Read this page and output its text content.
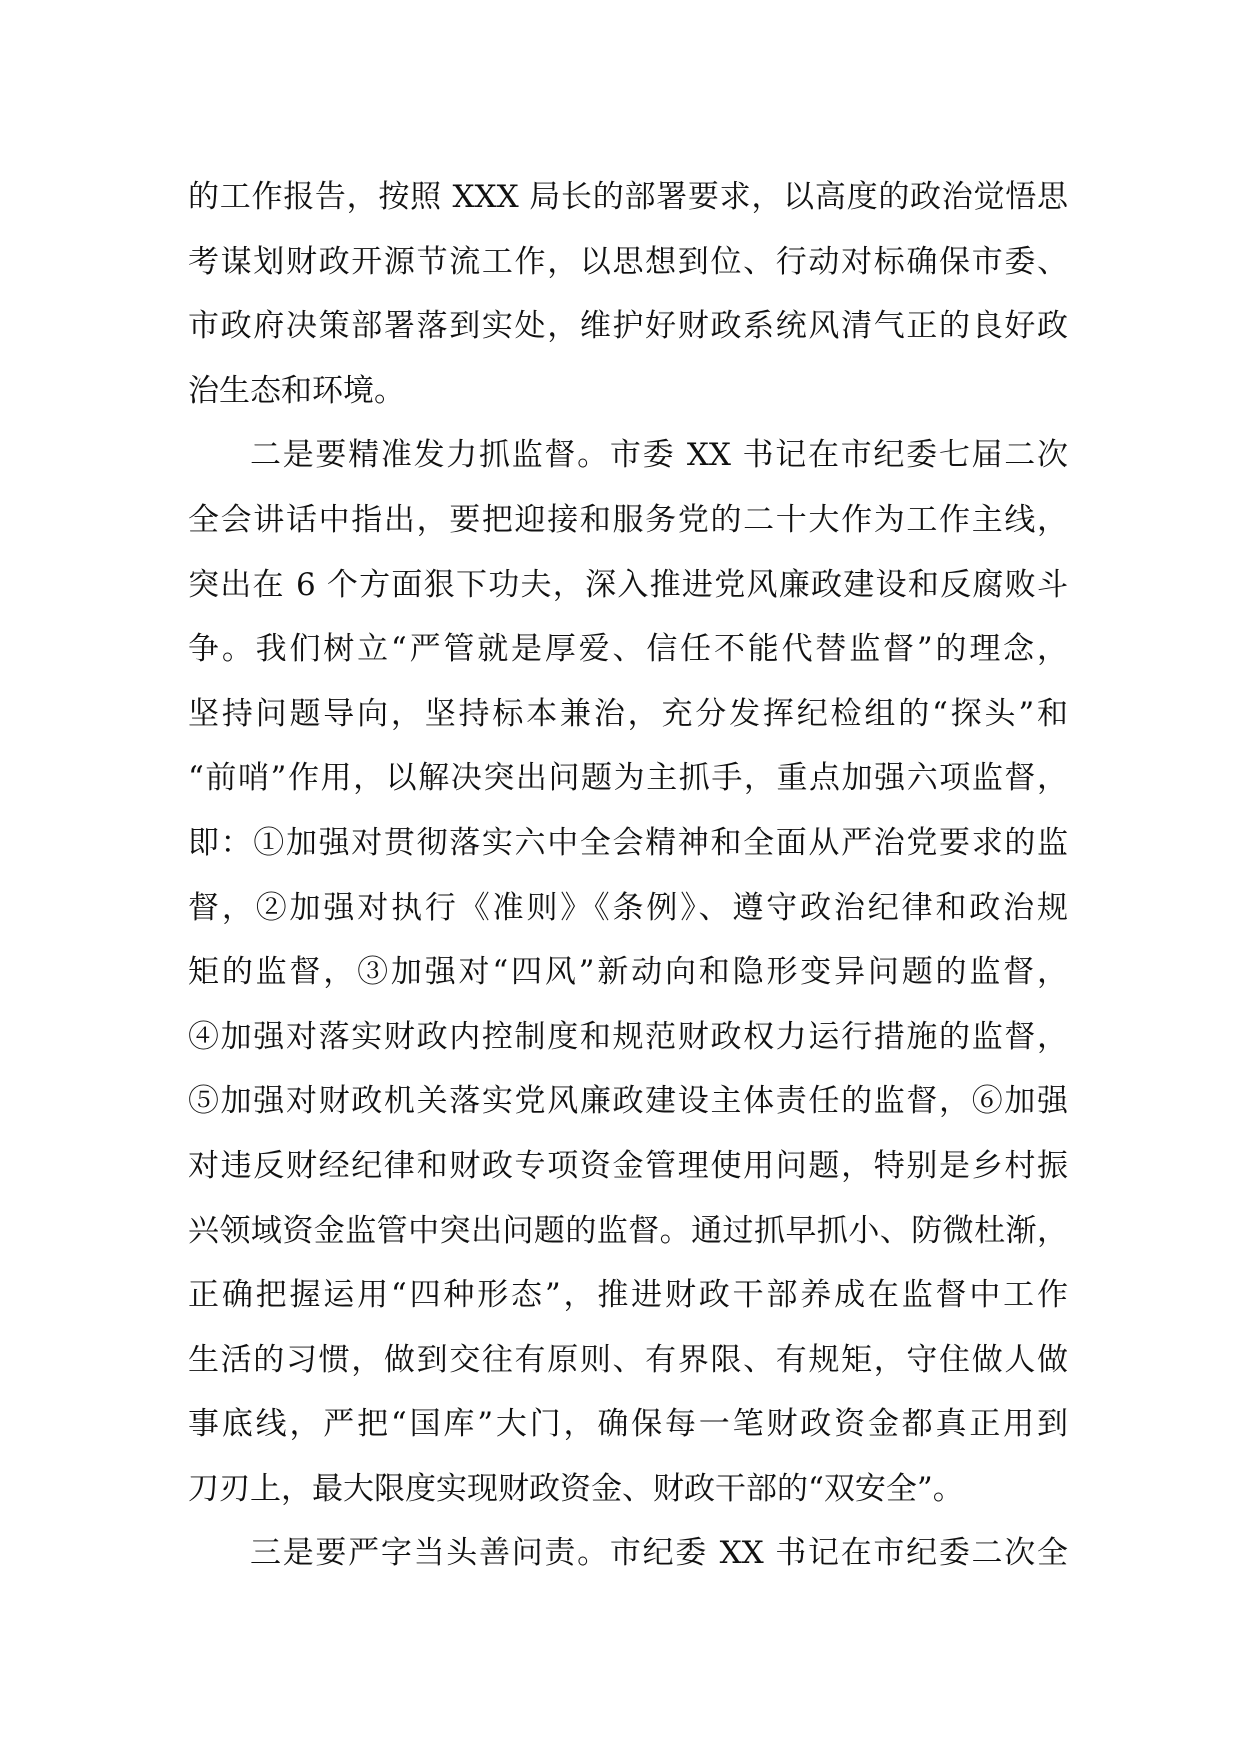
的工作报告，按照 XXX 局长的部署要求，以高度的政治觉悟思
考谋划财政开源节流工作，以思想到位、行动对标确保市委、
市政府决策部署落到实处，维护好财政系统风清气正的良好政
治生态和环境。
二是要精准发力抓监督。市委 XX 书记在市纪委七届二次
全会讲话中指出，要把迎接和服务党的二十大作为工作主线，
突出在 6 个方面狠下功夫，深入推进党风廉政建设和反腐败斗
争。我们树立“严管就是厚爱、信任不能代替监督”的理念，
坚持问题导向，坚持标本兼治，充分发挥纪检组的“探头”和
“前哨”作用，以解决突出问题为主抓手，重点加强六项监督，
即：①加强对贯彻落实六中全会精神和全面从严治党要求的监
督，②加强对执行《准则》《条例》、遵守政治纪律和政治规
矩的监督，③加强对“四风”新动向和隐形变异问题的监督，
④加强对落实财政内控制度和规范财政权力运行措施的监督，
⑤加强对财政机关落实党风廉政建设主体责任的监督，⑥加强
对违反财经纪律和财政专项资金管理使用问题，特别是乡村振
兴领域资金监管中突出问题的监督。通过抓早抓小、防微杜渐，
正确把握运用“四种形态”，推进财政干部养成在监督中工作
生活的习惯，做到交往有原则、有界限、有规矩，守住做人做
事底线，严把“国库”大门，确保每一笔财政资金都真正用到
刀刃上，最大限度实现财政资金、财政干部的“双安全”。
三是要严字当头善问责。市纪委 XX 书记在市纪委二次全
